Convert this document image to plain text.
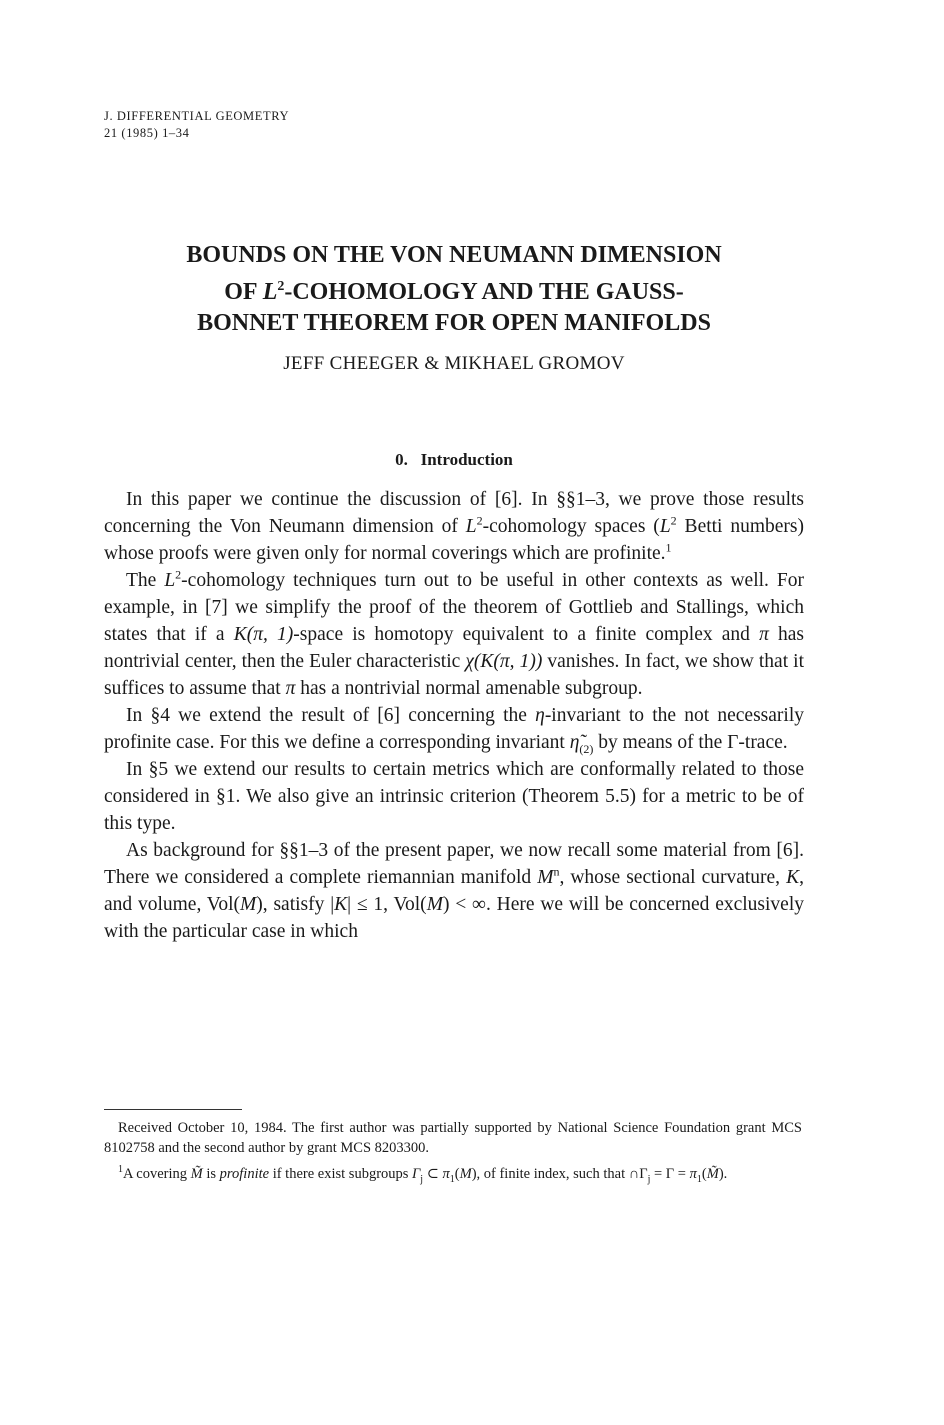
J. DIFFERENTIAL GEOMETRY
21 (1985) 1–34
BOUNDS ON THE VON NEUMANN DIMENSION
OF $L^2$-COHOMOLOGY AND THE GAUSS-
BONNET THEOREM FOR OPEN MANIFOLDS
JEFF CHEEGER & MIKHAEL GROMOV
0. Introduction

In this paper we continue the discussion of [6]. In §§1–3, we prove those results concerning the Von Neumann dimension of $L^2$-cohomology spaces ($L^2$ Betti numbers) whose proofs were given only for normal coverings which are profinite.$^1$

The $L^2$-cohomology techniques turn out to be useful in other contexts as well. For example, in [7] we simplify the proof of the theorem of Gottlieb and Stallings, which states that if a K(π, 1)-space is homotopy equivalent to a finite complex and π has nontrivial center, then the Euler characteristic χ(K(π, 1)) vanishes. In fact, we show that it suffices to assume that π has a nontrivial normal amenable subgroup.

In §4 we extend the result of [6] concerning the η-invariant to the not necessarily profinite case. For this we define a corresponding invariant $\etã_{(2)}$ by means of the Γ-trace.

In §5 we extend our results to certain metrics which are conformally related to those considered in §1. We also give an intrinsic criterion (Theorem 5.5) for a metric to be of this type.

As background for §§1–3 of the present paper, we now recall some material from [6]. There we considered a complete riemannian manifold $M^n$, whose sectional curvature, K, and volume, Vol(M), satisfy |K| ≤ 1, Vol(M) < ∞. Here we will be concerned exclusively with the particular case in which

Received October 10, 1984. The first author was partially supported by National Science Foundation grant MCS 8102758 and the second author by grant MCS 8203300.

$^1$A covering M̃ is profinite if there exist subgroups $\Gamma_j$ ⊂ $\pi_1(M)$, of finite index, such that $\cap\Gamma_j = \Gamma$ = $\pi_1(M̃)$.
